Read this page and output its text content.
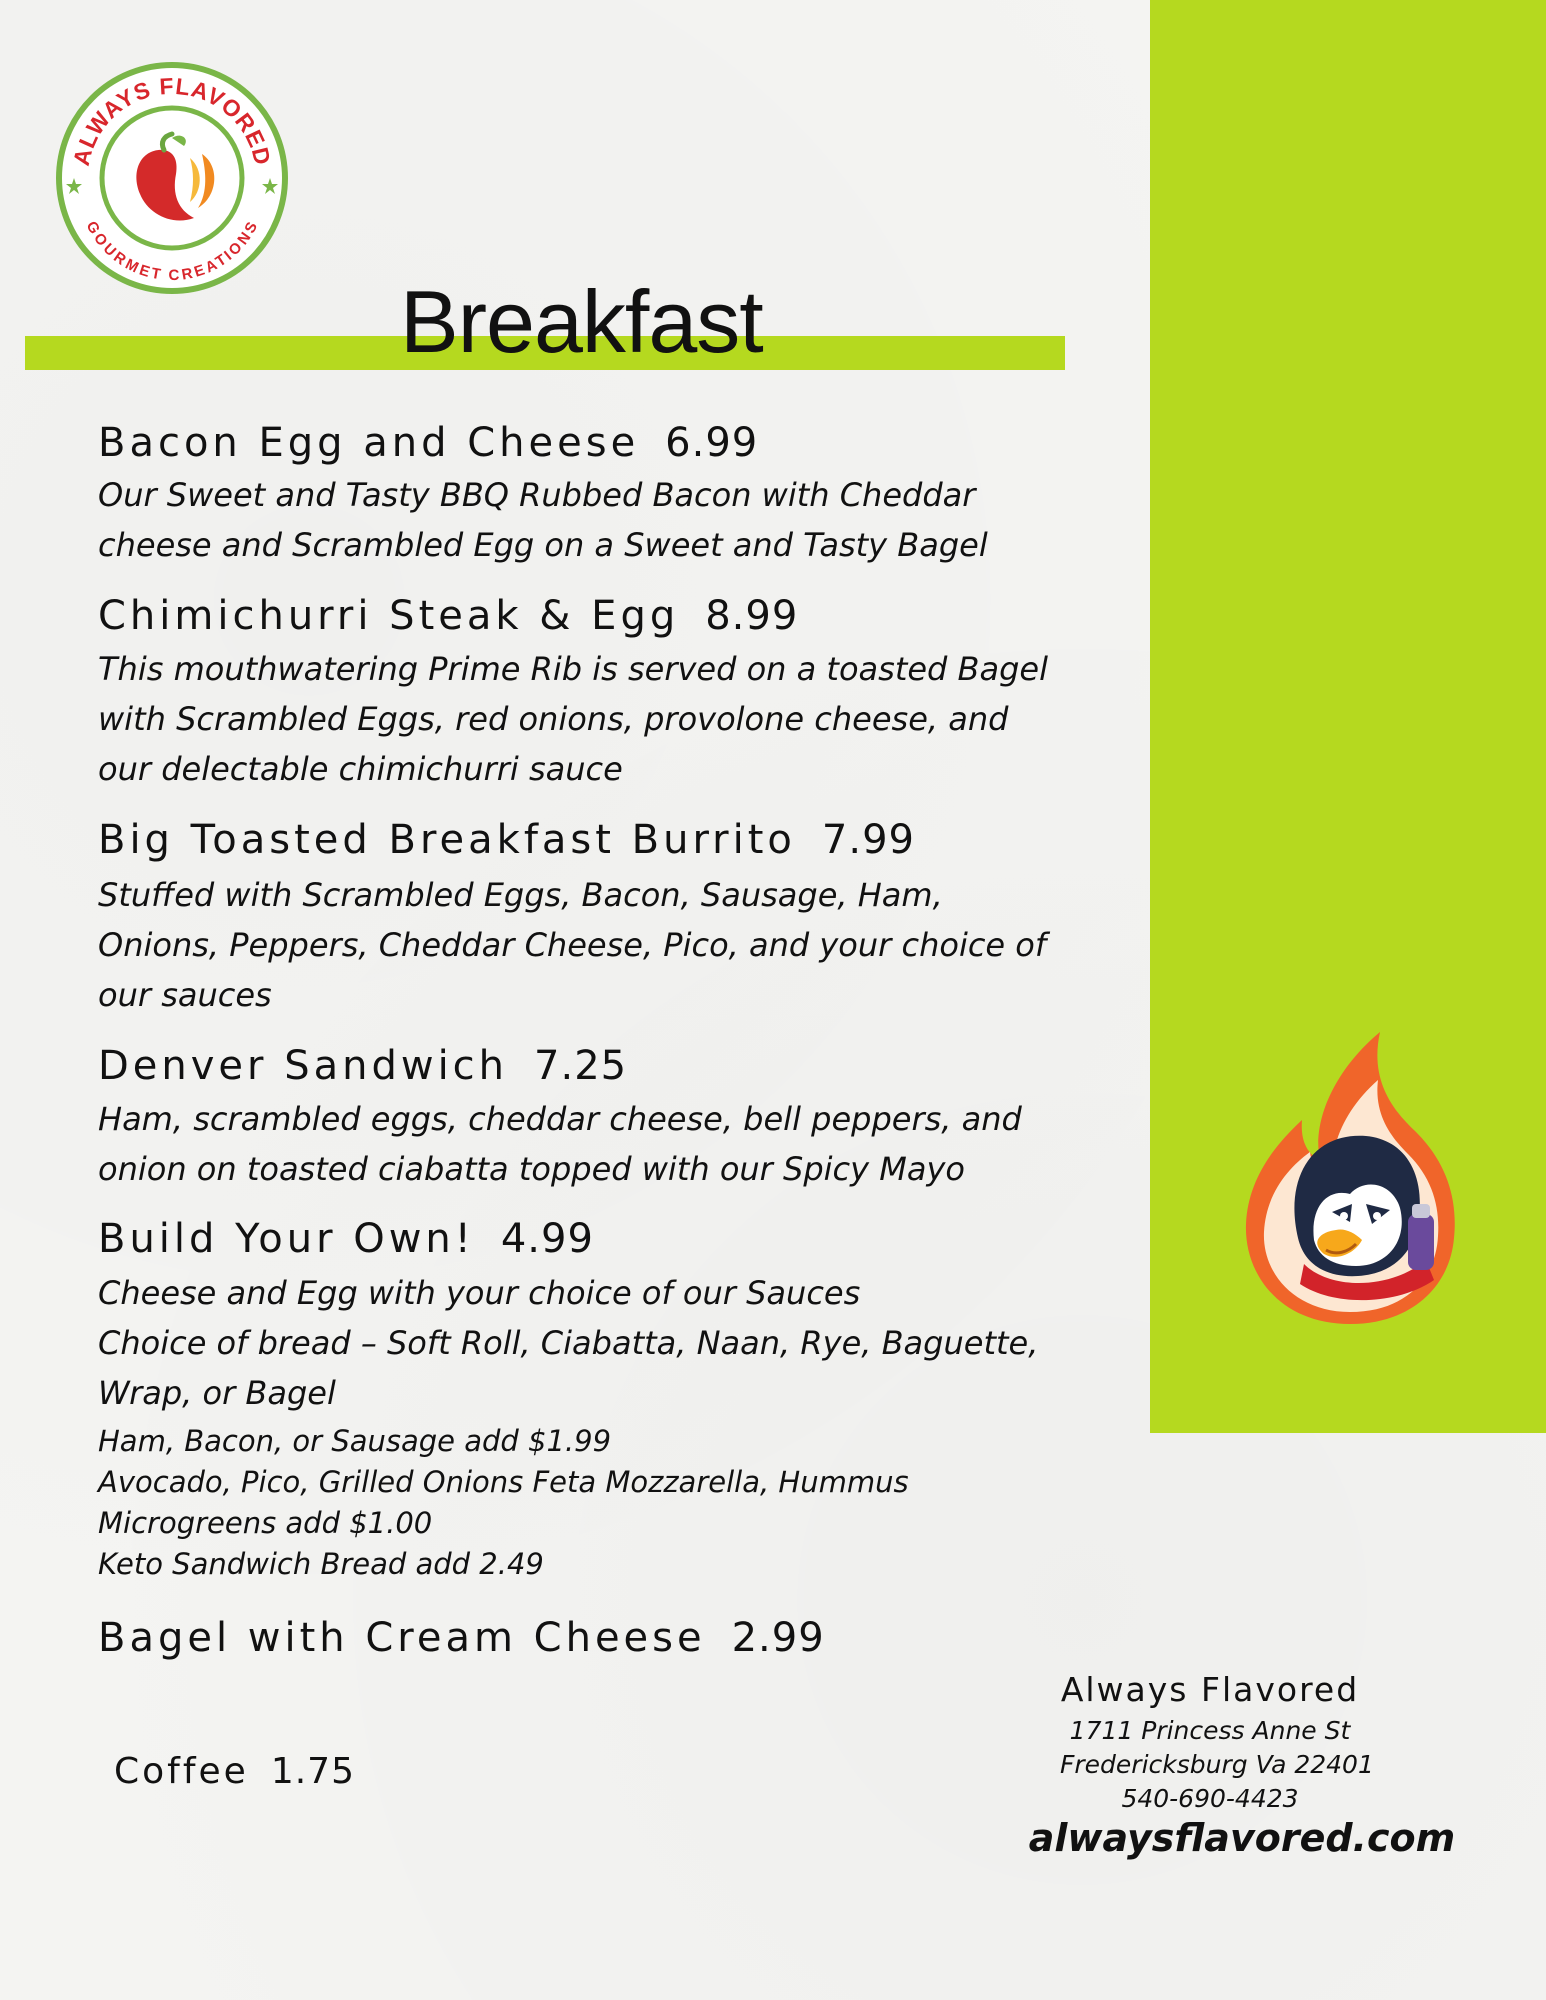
ALWAYS FLAVORED
GOURMET CREATIONS
Breakfast
Bacon Egg and Cheese 6.99
Our Sweet and Tasty BBQ Rubbed Bacon with Cheddar
cheese and Scrambled Egg on a Sweet and Tasty Bagel
Chimichurri Steak & Egg 8.99
This mouthwatering Prime Rib is served on a toasted Bagel
with Scrambled Eggs, red onions, provolone cheese, and
our delectable chimichurri sauce
Big Toasted Breakfast Burrito 7.99
Stuffed with Scrambled Eggs, Bacon, Sausage, Ham,
Onions, Peppers, Cheddar Cheese, Pico, and your choice of
our sauces
Denver Sandwich 7.25
Ham, scrambled eggs, cheddar cheese, bell peppers, and
onion on toasted ciabatta topped with our Spicy Mayo
Build Your Own! 4.99
Cheese and Egg with your choice of our Sauces
Choice of bread – Soft Roll, Ciabatta, Naan, Rye, Baguette,
Wrap, or Bagel
Ham, Bacon, or Sausage add $1.99
Avocado, Pico, Grilled Onions Feta Mozzarella, Hummus
Microgreens add $1.00
Keto Sandwich Bread add 2.49
Bagel with Cream Cheese 2.99
Coffee 1.75
Always Flavored
1711 Princess Anne St
Fredericksburg Va 22401
540-690-4423
alwaysflavored.com
